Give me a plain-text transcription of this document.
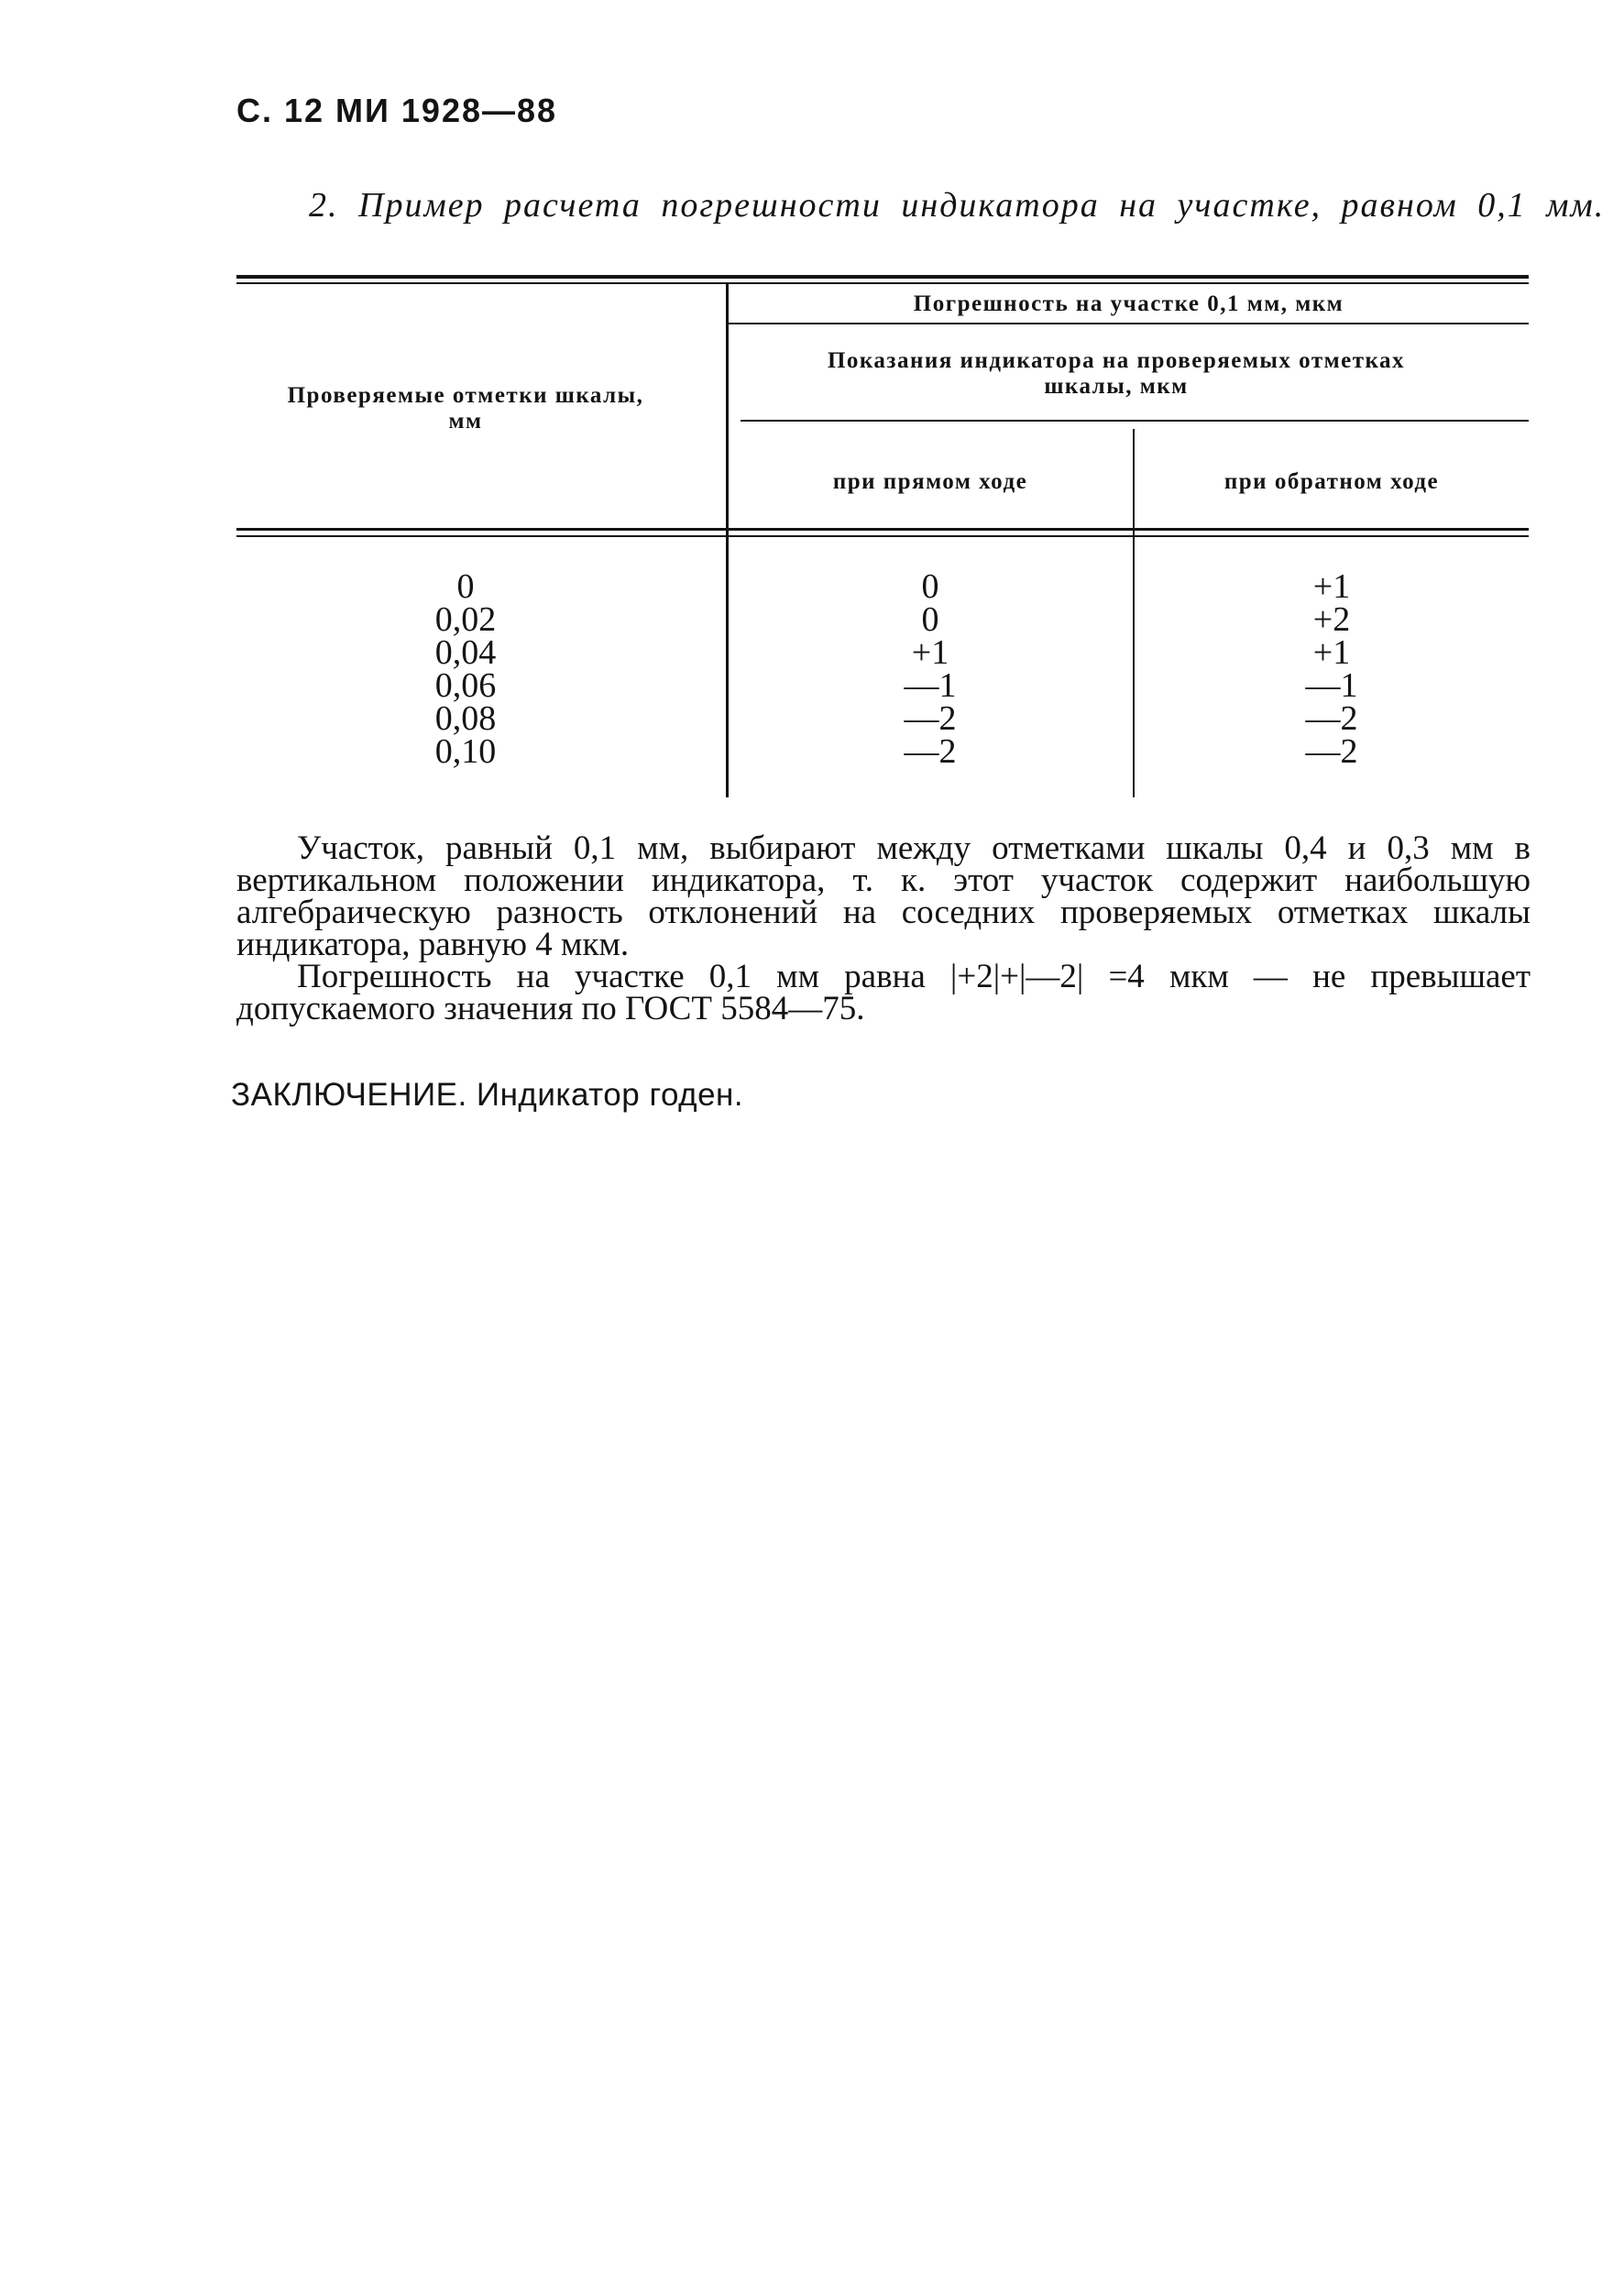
С. 12 МИ 1928—88
2. Пример расчета погрешности индикатора на участке, равном 0,1 мм.
Проверяемые отметки шкалы, мм
Погрешность на участке 0,1 мм, мкм
Показания индикатора на проверяемых отметках шкалы, мкм
при прямом ходе	при обратном ходе
0
0,02
0,04
0,06
0,08
0,10
0
0
+1
—1
—2
—2
+1
+2
+1
—1
—2
—2

Участок, равный 0,1 мм, выбирают между отметками шкалы 0,4 и 0,3 мм в вертикальном положении индикатора, т. к. этот участок содержит наибольшую алгебраическую разность отклонений на соседних проверяемых отметках шкалы индикатора, равную 4 мкм.

Погрешность на участке 0,1 мм равна |+2|+|—2| =4 мкм — не превышает допускаемого значения по ГОСТ 5584—75.

ЗАКЛЮЧЕНИЕ. Индикатор годен.
